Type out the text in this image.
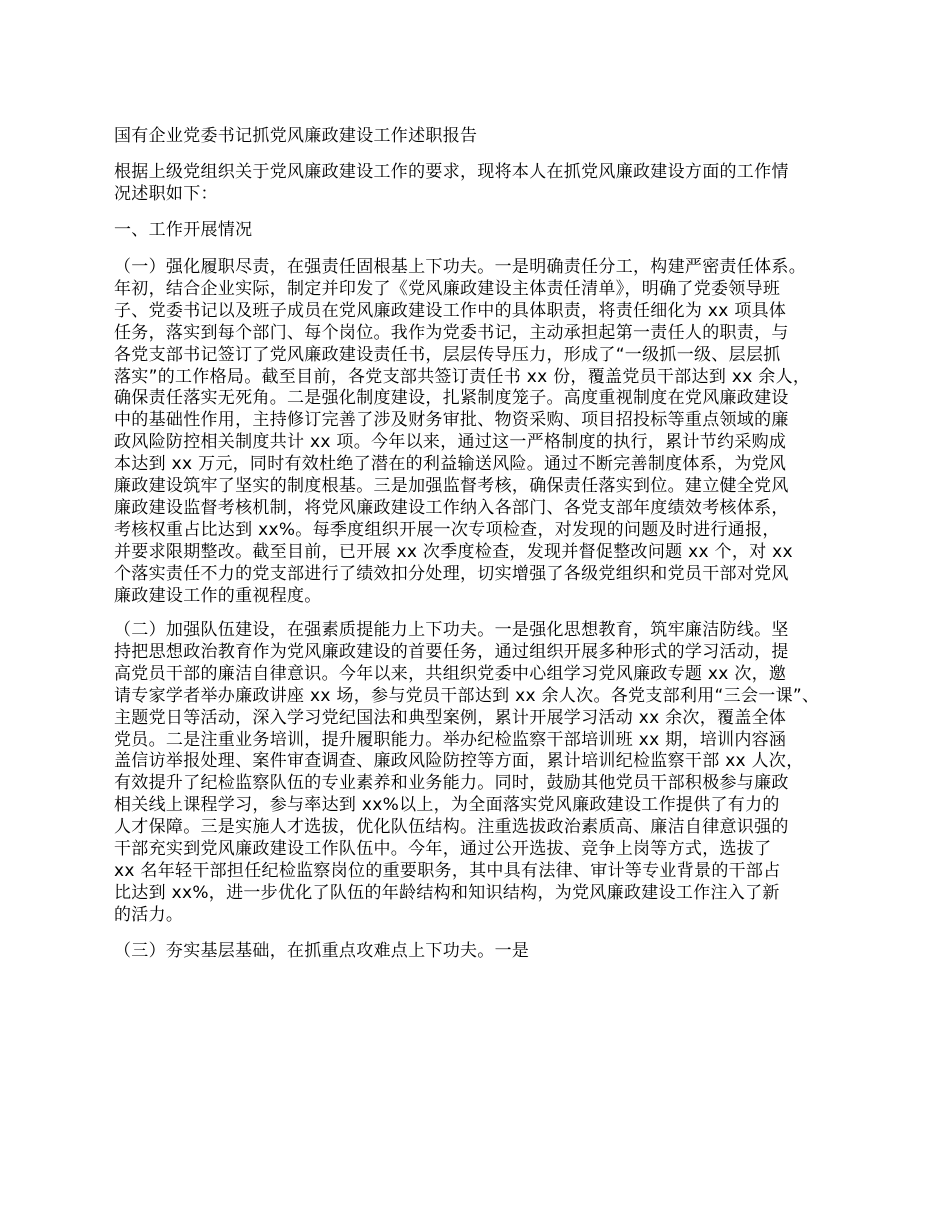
国有企业党委书记抓党风廉政建设工作述职报告
根据上级党组织关于党风廉政建设工作的要求，现将本人在抓党风廉政建设方面的工作情
况述职如下：
一、工作开展情况
（一）强化履职尽责，在强责任固根基上下功夫。一是明确责任分工，构建严密责任体系。
年初，结合企业实际，制定并印发了《党风廉政建设主体责任清单》，明确了党委领导班
子、党委书记以及班子成员在党风廉政建设工作中的具体职责，将责任细化为 xx 项具体
任务，落实到每个部门、每个岗位。我作为党委书记，主动承担起第一责任人的职责，与
各党支部书记签订了党风廉政建设责任书，层层传导压力，形成了“一级抓一级、层层抓
落实”的工作格局。截至目前，各党支部共签订责任书 xx 份，覆盖党员干部达到 xx 余人，
确保责任落实无死角。二是强化制度建设，扎紧制度笼子。高度重视制度在党风廉政建设
中的基础性作用，主持修订完善了涉及财务审批、物资采购、项目招投标等重点领域的廉
政风险防控相关制度共计 xx 项。今年以来，通过这一严格制度的执行，累计节约采购成
本达到 xx 万元，同时有效杜绝了潜在的利益输送风险。通过不断完善制度体系，为党风
廉政建设筑牢了坚实的制度根基。三是加强监督考核，确保责任落实到位。建立健全党风
廉政建设监督考核机制，将党风廉政建设工作纳入各部门、各党支部年度绩效考核体系，
考核权重占比达到 xx%。每季度组织开展一次专项检查，对发现的问题及时进行通报，
并要求限期整改。截至目前，已开展 xx 次季度检查，发现并督促整改问题 xx 个，对 xx
个落实责任不力的党支部进行了绩效扣分处理，切实增强了各级党组织和党员干部对党风
廉政建设工作的重视程度。
（二）加强队伍建设，在强素质提能力上下功夫。一是强化思想教育，筑牢廉洁防线。坚
持把思想政治教育作为党风廉政建设的首要任务，通过组织开展多种形式的学习活动，提
高党员干部的廉洁自律意识。今年以来，共组织党委中心组学习党风廉政专题 xx 次，邀
请专家学者举办廉政讲座 xx 场，参与党员干部达到 xx 余人次。各党支部利用“三会一课”、
主题党日等活动，深入学习党纪国法和典型案例，累计开展学习活动 xx 余次，覆盖全体
党员。二是注重业务培训，提升履职能力。举办纪检监察干部培训班 xx 期，培训内容涵
盖信访举报处理、案件审查调查、廉政风险防控等方面，累计培训纪检监察干部 xx 人次，
有效提升了纪检监察队伍的专业素养和业务能力。同时，鼓励其他党员干部积极参与廉政
相关线上课程学习，参与率达到 xx%以上，为全面落实党风廉政建设工作提供了有力的
人才保障。三是实施人才选拔，优化队伍结构。注重选拔政治素质高、廉洁自律意识强的
干部充实到党风廉政建设工作队伍中。今年，通过公开选拔、竞争上岗等方式，选拔了
xx 名年轻干部担任纪检监察岗位的重要职务，其中具有法律、审计等专业背景的干部占
比达到 xx%，进一步优化了队伍的年龄结构和知识结构，为党风廉政建设工作注入了新
的活力。
（三）夯实基层基础，在抓重点攻难点上下功夫。一是
